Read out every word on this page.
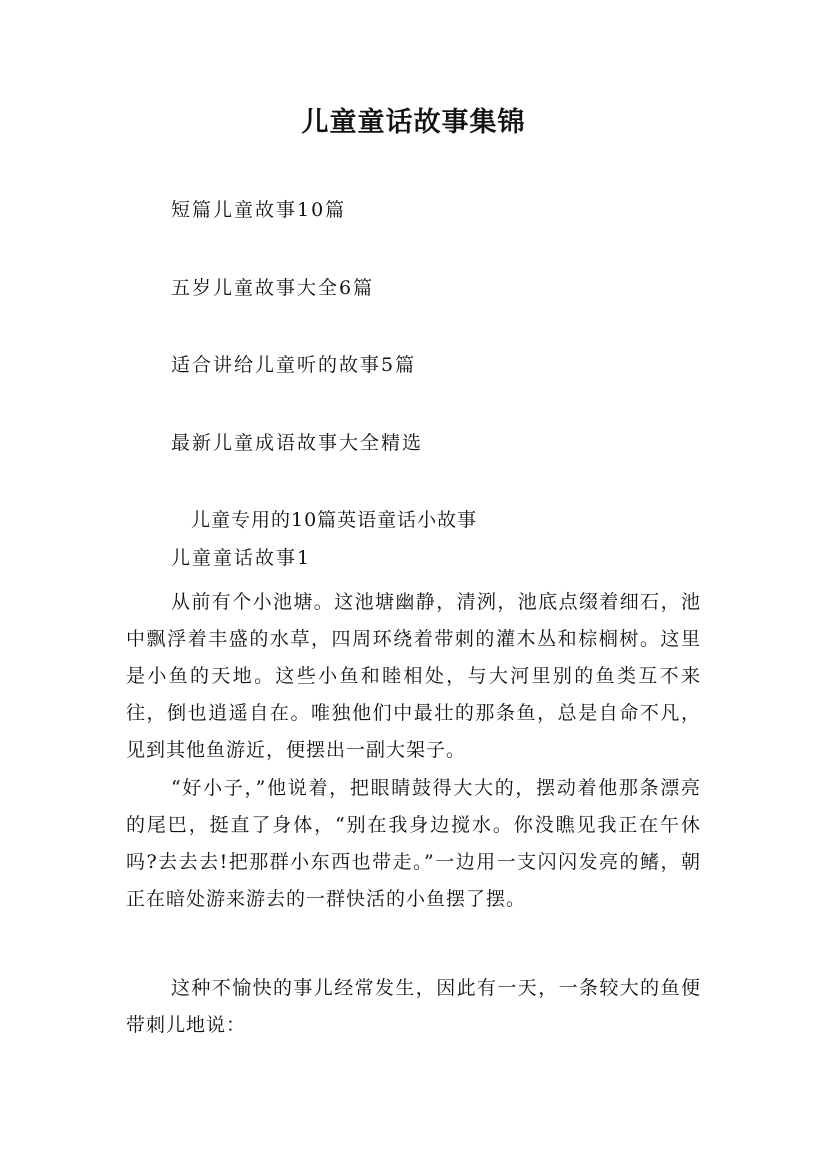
儿童童话故事集锦
短篇儿童故事10篇
五岁儿童故事大全6篇
适合讲给儿童听的故事5篇
最新儿童成语故事大全精选
儿童专用的10篇英语童话小故事
儿童童话故事1

从前有个小池塘。这池塘幽静，清洌，池底点缀着细石，池中飘浮着丰盛的水草，四周环绕着带刺的灌木丛和棕榈树。这里是小鱼的天地。这些小鱼和睦相处，与大河里别的鱼类互不来往，倒也逍遥自在。唯独他们中最壮的那条鱼，总是自命不凡，见到其他鱼游近，便摆出一副大架子。

“好小子，”他说着，把眼睛鼓得大大的，摆动着他那条漂亮的尾巴，挺直了身体，“别在我身边搅水。你没瞧见我正在午休吗?去去去!把那群小东西也带走。”一边用一支闪闪发亮的鳍，朝正在暗处游来游去的一群快活的小鱼摆了摆。

这种不愉快的事儿经常发生，因此有一天，一条较大的鱼便带刺儿地说：
